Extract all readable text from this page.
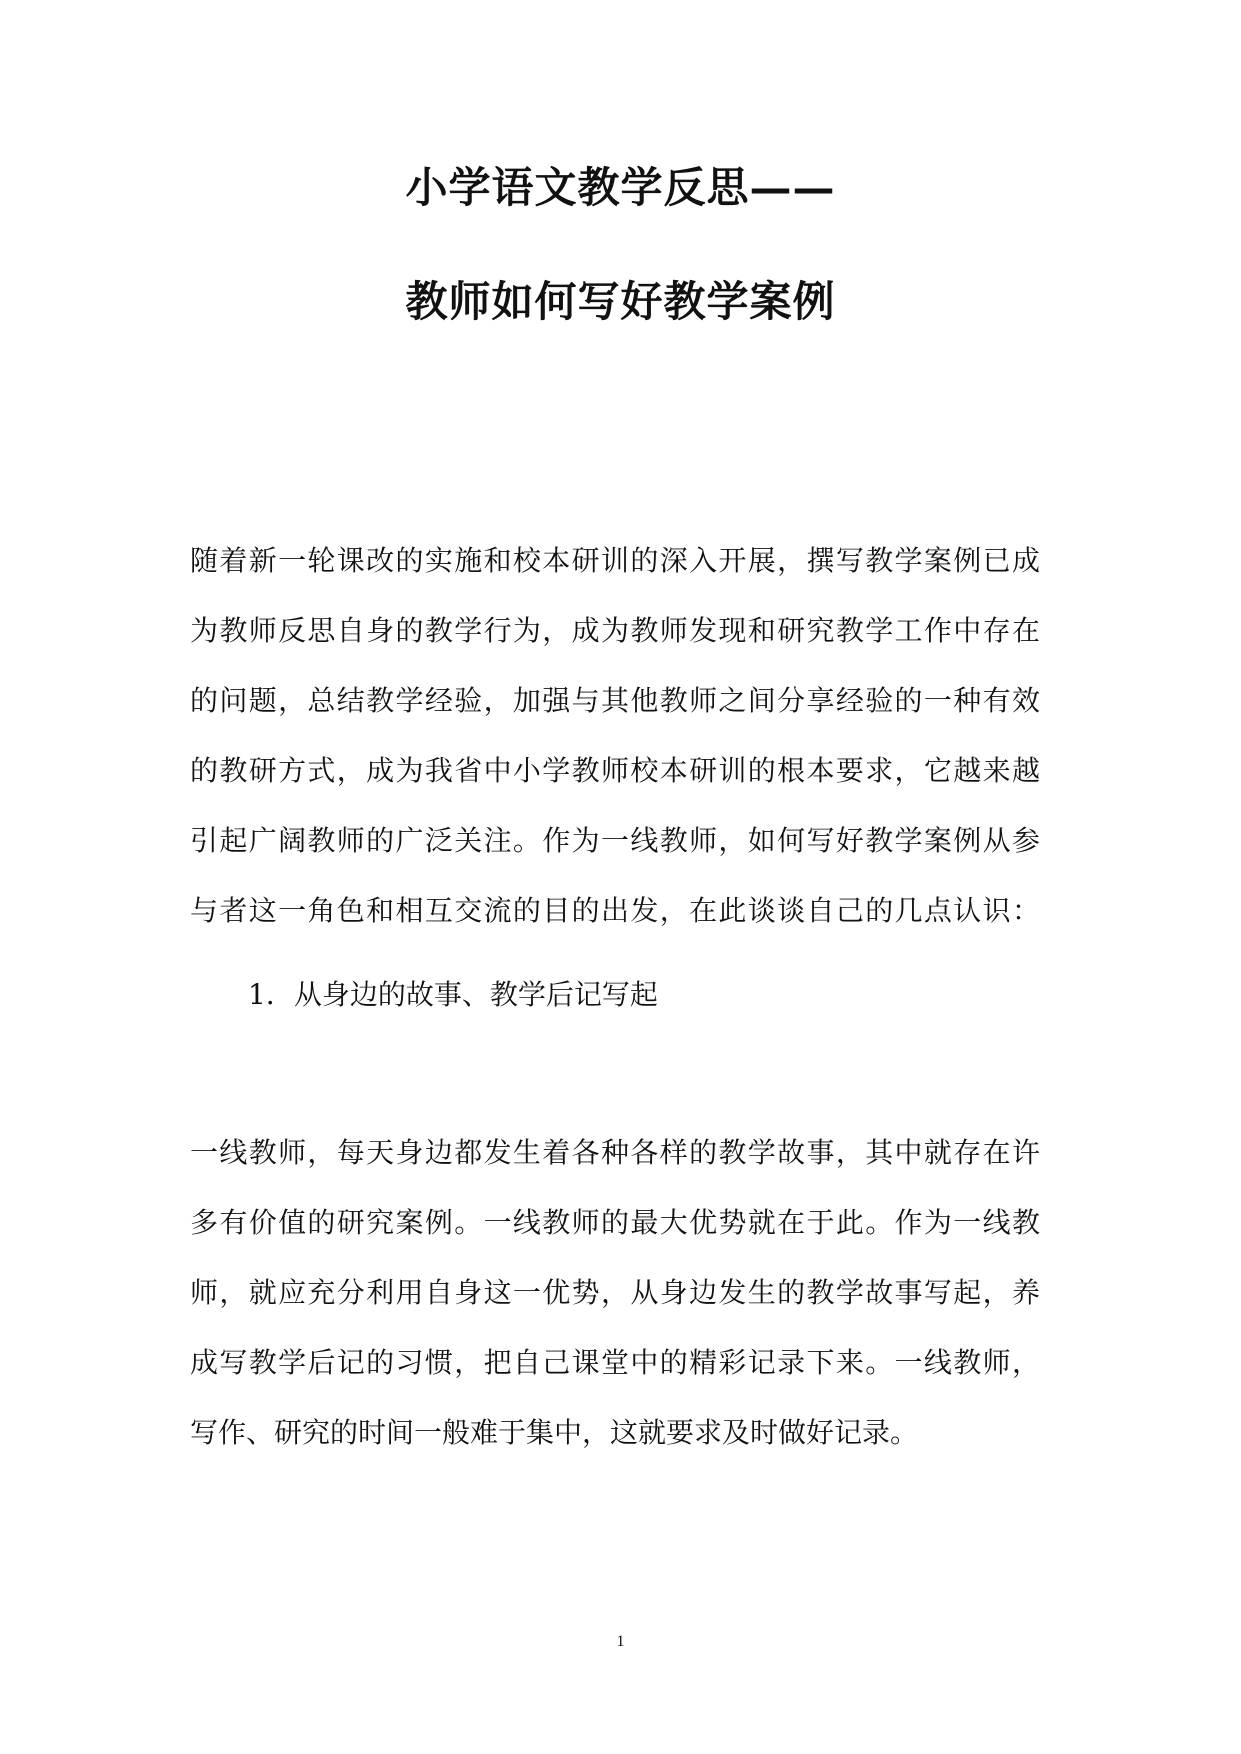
小学语文教学反思——
教师如何写好教学案例
随着新一轮课改的实施和校本研训的深入开展，撰写教学案例已成
为教师反思自身的教学行为，成为教师发现和研究教学工作中存在
的问题，总结教学经验，加强与其他教师之间分享经验的一种有效
的教研方式，成为我省中小学教师校本研训的根本要求，它越来越
引起广阔教师的广泛关注。作为一线教师，如何写好教学案例从参
与者这一角色和相互交流的目的出发，在此谈谈自己的几点认识：
1．从身边的故事、教学后记写起
一线教师，每天身边都发生着各种各样的教学故事，其中就存在许
多有价值的研究案例。一线教师的最大优势就在于此。作为一线教
师，就应充分利用自身这一优势，从身边发生的教学故事写起，养
成写教学后记的习惯，把自己课堂中的精彩记录下来。一线教师，
写作、研究的时间一般难于集中，这就要求及时做好记录。
1
